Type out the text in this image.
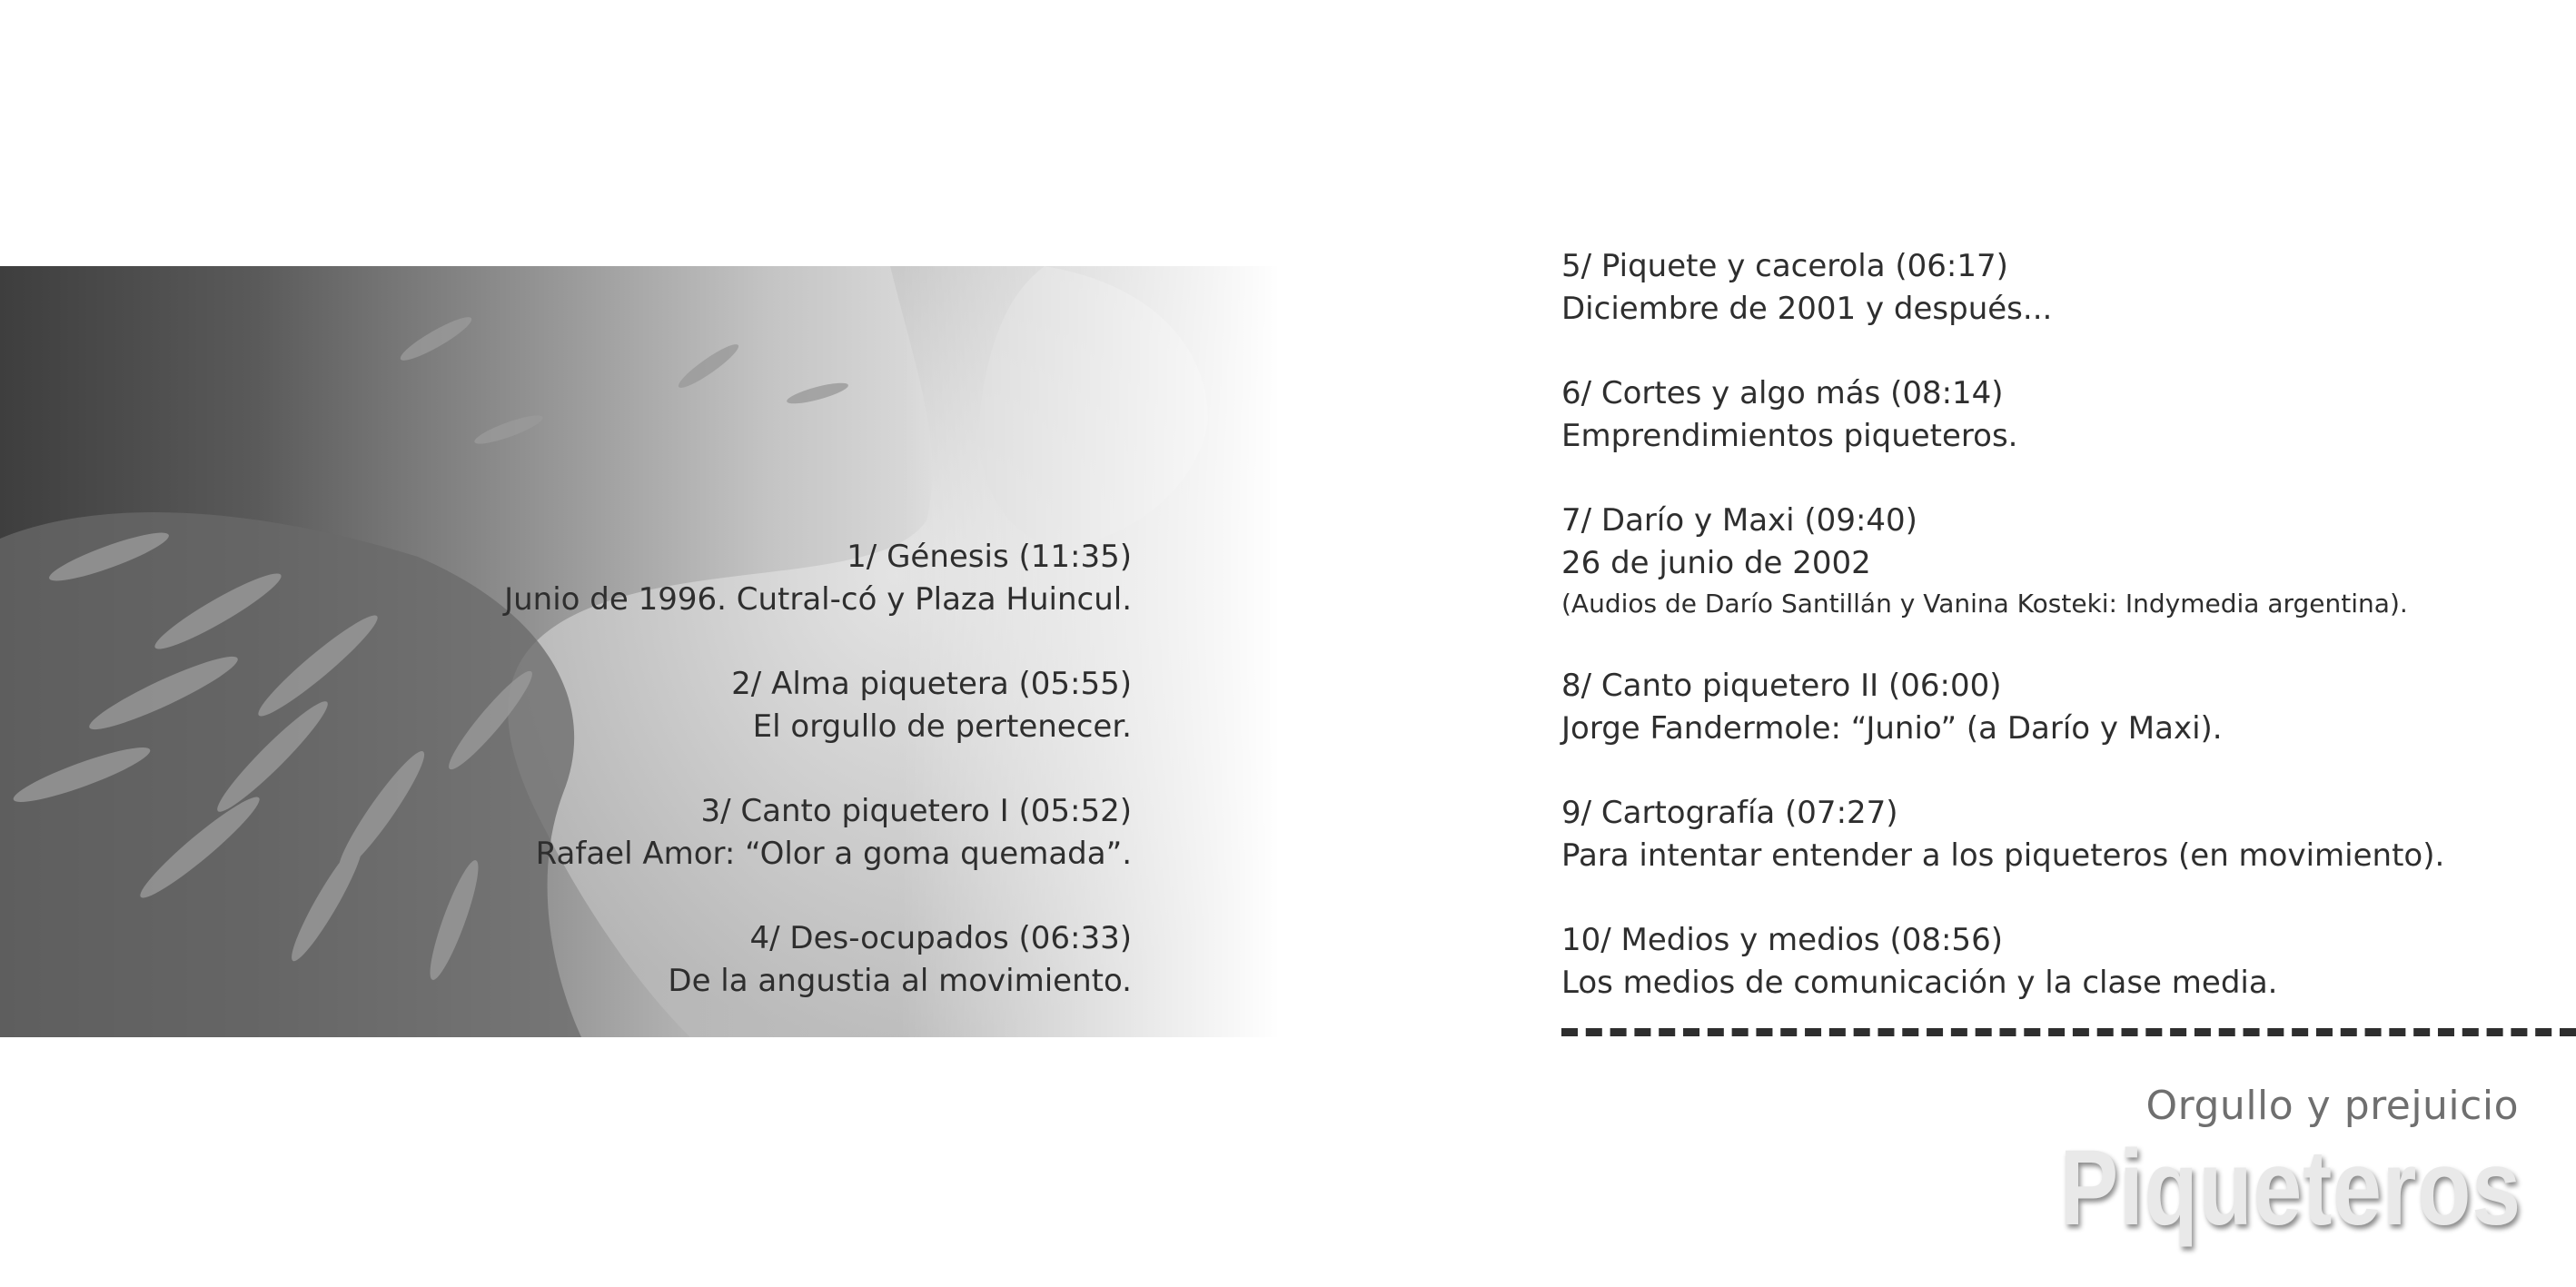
1/ Génesis (11:35)

Junio de 1996. Cutral-có y Plaza Huincul.

2/ Alma piquetera (05:55)

El orgullo de pertenecer.

3/ Canto piquetero I (05:52)

Rafael Amor: “Olor a goma quemada”.

4/ Des-ocupados (06:33)

De la angustia al movimiento.

5/ Piquete y cacerola (06:17)

Diciembre de 2001 y después...

6/ Cortes y algo más (08:14)

Emprendimientos piqueteros.

7/ Darío y Maxi (09:40)

26 de junio de 2002

(Audios de Darío Santillán y Vanina Kosteki: Indymedia argentina).

8/ Canto piquetero II (06:00)

Jorge Fandermole: “Junio” (a Darío y Maxi).

9/ Cartografía (07:27)

Para intentar entender a los piqueteros (en movimiento).

10/ Medios y medios (08:56)

Los medios de comunicación y la clase media.

Orgullo y prejuicio
Piqueteros
